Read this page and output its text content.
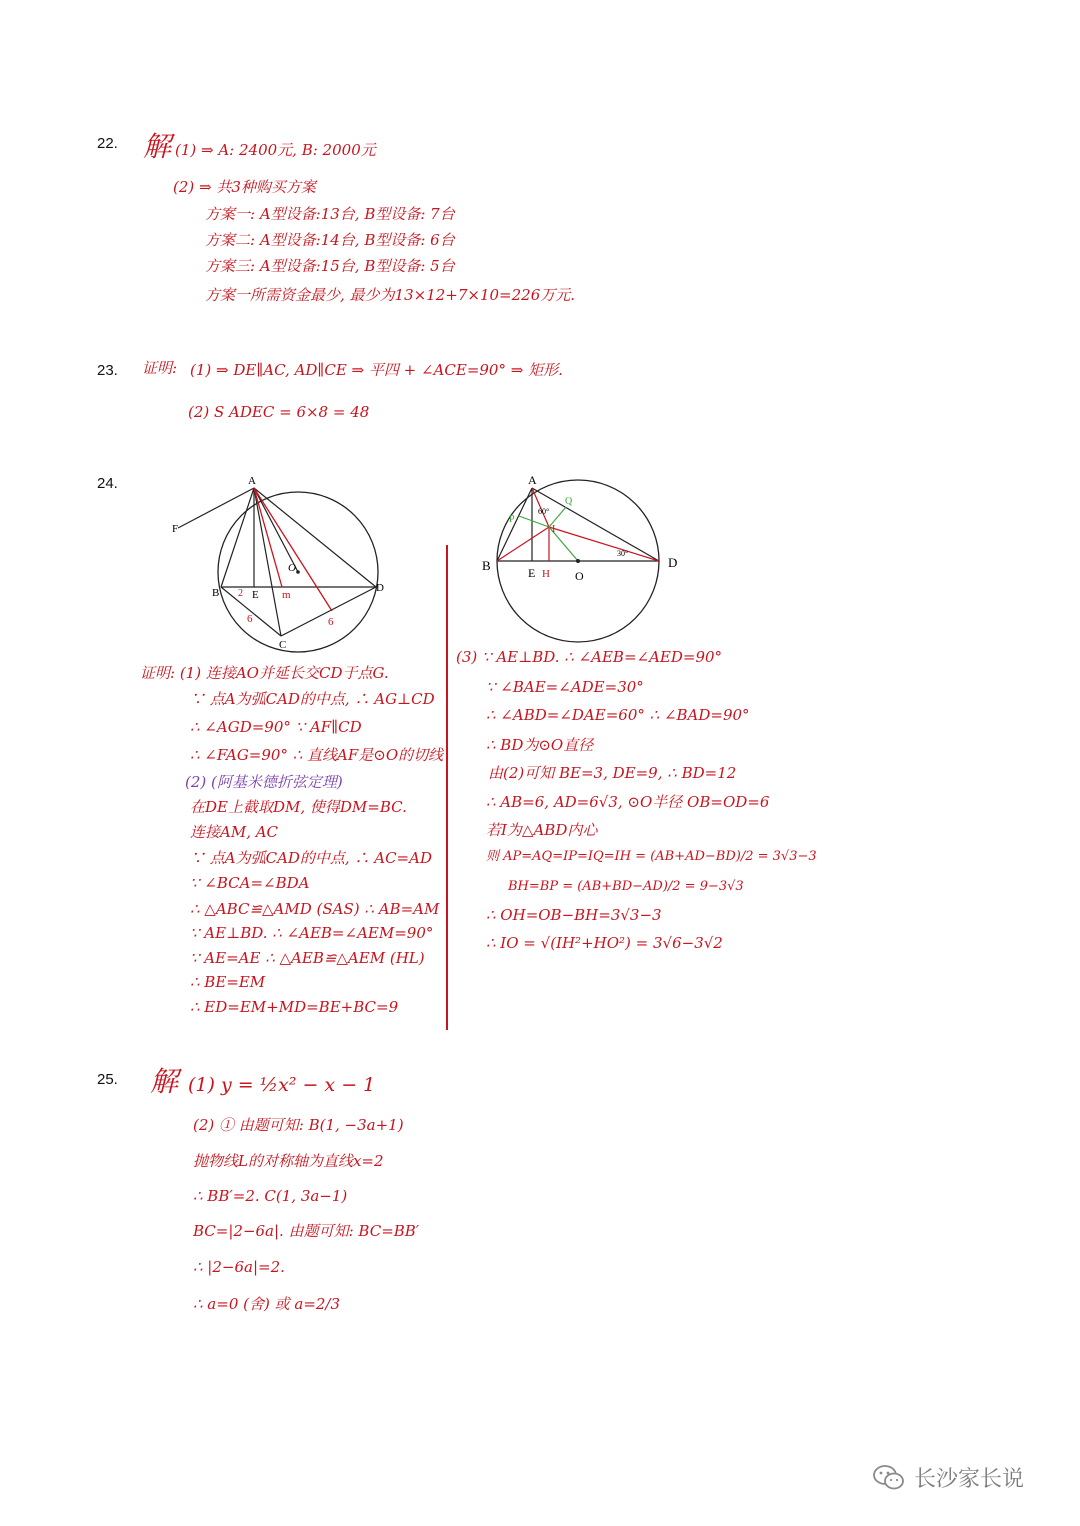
22. 解 (1) ⇒ A: 2400元, B: 2000元
(2) ⇒ 共3种购买方案
方案一: A型设备:13台, B型设备: 7台
方案二: A型设备:14台, B型设备: 6台
方案三: A型设备:15台, B型设备: 5台
方案一所需资金最少, 最少为13×12+7×10=226万元.
23. 证明: (1) ⇒ DE∥AC, AD∥CE ⇒ 平四 + ∠ACE=90° ⇒ 矩形.
(2) S ADEC = 6×8 = 48
24.	A
F
O
B	E m
D
C
6	6
2
A
P
Q
I
60°
30°
B	E H O
D
证明: (1) 连接AO并延长交CD于点G.
∵ 点A为弧CAD的中点, ∴ AG⊥CD
∴ ∠AGD=90° ∵ AF∥CD
∴ ∠FAG=90° ∴ 直线AF是⊙O的切线
(2) (阿基米德折弦定理)
在DE上截取DM, 使得DM=BC.
连接AM, AC
∵ 点A为弧CAD的中点, ∴ AC=AD
∵ ∠BCA=∠BDA
∴ △ABC≌△AMD (SAS) ∴ AB=AM
∵ AE⊥BD. ∴ ∠AEB=∠AEM=90°
∵ AE=AE ∴ △AEB≌△AEM (HL)
∴ BE=EM
∴ ED=EM+MD=BE+BC=9
(3) ∵ AE⊥BD. ∴ ∠AEB=∠AED=90°
∵ ∠BAE=∠ADE=30°
∴ ∠ABD=∠DAE=60° ∴ ∠BAD=90°
∴ BD为⊙O直径
由(2)可知 BE=3, DE=9, ∴ BD=12
∴ AB=6, AD=6√3, ⊙O半径 OB=OD=6
若I为△ABD内心
则 AP=AQ=IP=IQ=IH = (AB+AD−BD)/2 = 3√3−3
BH=BP = (AB+BD−AD)/2 = 9−3√3
∴ OH=OB−BH=3√3−3
∴ IO = √(IH²+HO²) = 3√6−3√2
25. 解 (1) y = ½x² − x − 1
(2) ① 由题可知: B(1, −3a+1)
抛物线L的对称轴为直线x=2
∴ BB′=2. C(1, 3a−1)
BC=|2−6a|. 由题可知: BC=BB′
∴ |2−6a|=2.
∴ a=0 (舍) 或 a=2/3
长沙家长说
